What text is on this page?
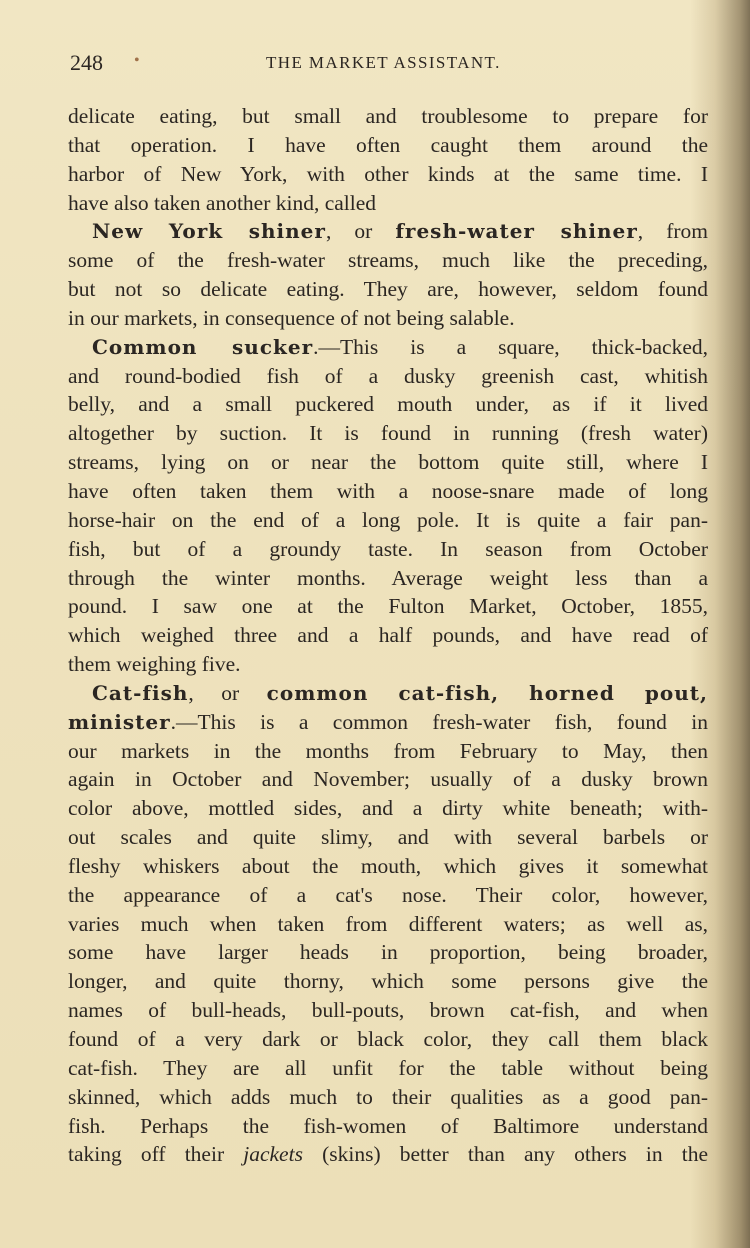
248 •	THE MARKET ASSISTANT.
delicate eating, but small and troublesome to prepare for
that operation. I have often caught them around the
harbor of New York, with other kinds at the same time. I
have also taken another kind, called
New York shiner, or fresh-water shiner, from
some of the fresh-water streams, much like the preceding,
but not so delicate eating. They are, however, seldom found
in our markets, in consequence of not being salable.
Common sucker.—This is a square, thick-backed,
and round-bodied fish of a dusky greenish cast, whitish
belly, and a small puckered mouth under, as if it lived
altogether by suction. It is found in running (fresh water)
streams, lying on or near the bottom quite still, where I
have often taken them with a noose-snare made of long
horse-hair on the end of a long pole. It is quite a fair pan-
fish, but of a groundy taste. In season from October
through the winter months. Average weight less than a
pound. I saw one at the Fulton Market, October, 1855,
which weighed three and a half pounds, and have read of
them weighing five.
Cat-fish, or common cat-fish, horned pout,
minister.—This is a common fresh-water fish, found in
our markets in the months from February to May, then
again in October and November; usually of a dusky brown
color above, mottled sides, and a dirty white beneath; with-
out scales and quite slimy, and with several barbels or
fleshy whiskers about the mouth, which gives it somewhat
the appearance of a cat's nose. Their color, however,
varies much when taken from different waters; as well as,
some have larger heads in proportion, being broader,
longer, and quite thorny, which some persons give the
names of bull-heads, bull-pouts, brown cat-fish, and when
found of a very dark or black color, they call them black
cat-fish. They are all unfit for the table without being
skinned, which adds much to their qualities as a good pan-
fish. Perhaps the fish-women of Baltimore understand
taking off their jackets (skins) better than any others in the
